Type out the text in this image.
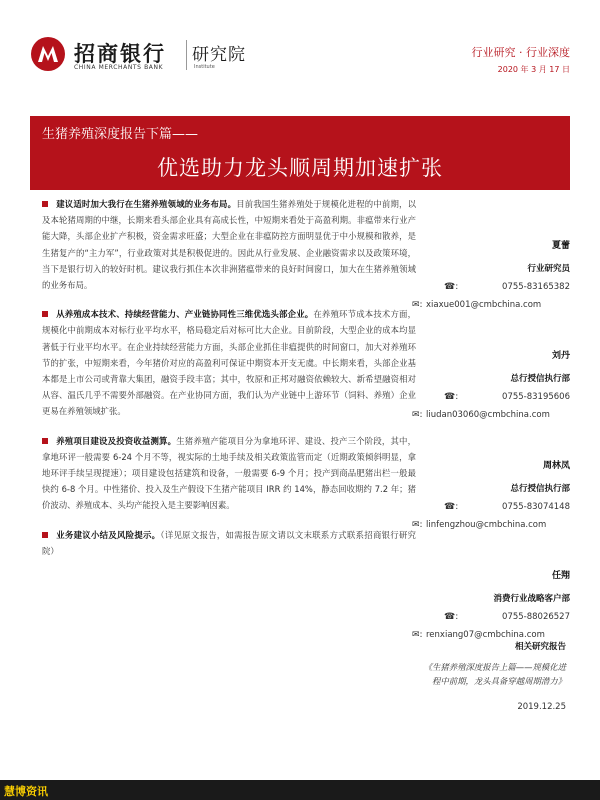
招商银行
CHINA MERCHANTS BANK
研究院
Institute
行业研究 · 行业深度
2020 年 3 月 17 日
生猪养殖深度报告下篇——
优选助力龙头顺周期加速扩张
建议适时加大我行在生猪养殖领域的业务布局。目前我国生猪养殖处于规模化进程的中前期，以及本轮猪周期的中继，长期来看头部企业具有高成长性，中短期来看处于高盈利期。非瘟带来行业产能大降，头部企业扩产积极，资金需求旺盛；大型企业在非瘟防控方面明显优于中小规模和散养，是生猪复产的“主力军”，行业政策对其是积极促进的。因此从行业发展、企业融资需求以及政策环境，当下是银行切入的较好时机。建议我行抓住本次非洲猪瘟带来的良好时间窗口，加大在生猪养殖领域的业务布局。
从养殖成本技术、持续经营能力、产业链协同性三维优选头部企业。在养殖环节成本技术方面，规模化中前期成本对标行业平均水平，格局稳定后对标可比大企业。目前阶段，大型企业的成本均显著低于行业平均水平。在企业持续经营能力方面，头部企业抓住非瘟提供的时间窗口，加大对养殖环节的扩张，中短期来看，今年猪价对应的高盈利可保证中期资本开支无虞。中长期来看，头部企业基本都是上市公司或背靠大集团，融资手段丰富；其中，牧原和正邦对融资依赖较大、新希望融资相对从容、温氏几乎不需要外部融资。在产业协同方面，我们认为产业链中上游环节（饲料、养殖）企业更易在养殖领域扩张。
养殖项目建设及投资收益测算。生猪养殖产能项目分为拿地环评、建设、投产三个阶段，其中，拿地环评一般需要 6-24 个月不等，视实际的土地手续及相关政策监管而定（近期政策倾斜明显，拿地环评手续呈现提速）；项目建设包括建筑和设备，一般需要 6-9 个月；投产到商品肥猪出栏一般最快约 6-8 个月。中性猪价、投入及生产假设下生猪产能项目 IRR 约 14%，静态回收期约 7.2 年；猪价波动、养殖成本、头均产能投入是主要影响因素。
业务建议小结及风险提示。（详见原文报告，如需报告原文请以文末联系方式联系招商银行研究院）
夏蕾
行业研究员
☎:	0755-83165382
✉: xiaxue001@cmbchina.com
刘丹
总行授信执行部
☎:	0755-83195606
✉: liudan03060@cmbchina.com
周林凤
总行授信执行部
☎:	0755-83074148
✉: linfengzhou@cmbchina.com
任翔
消费行业战略客户部
☎:	0755-88026527
✉: renxiang07@cmbchina.com
相关研究报告
《生猪养殖深度报告上篇——规模化进程中前期，龙头具备穿越周期潜力》
2019.12.25
慧博资讯
